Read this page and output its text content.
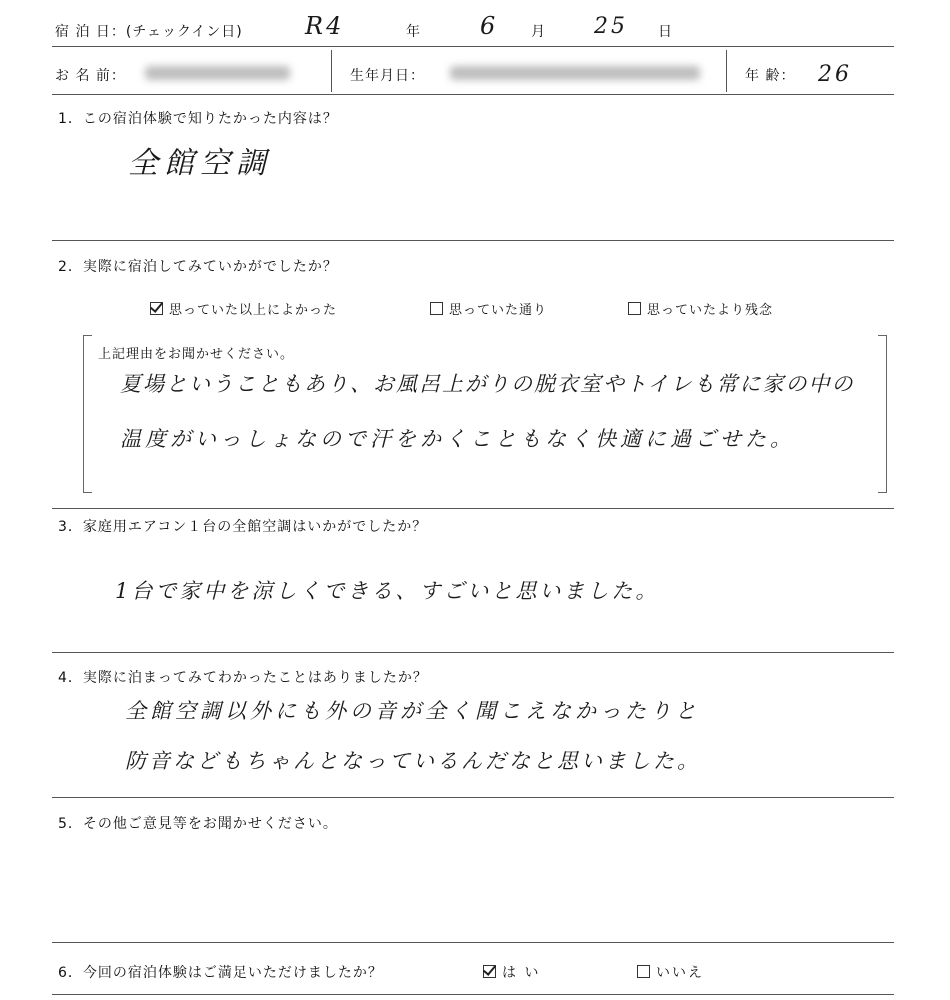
宿 泊 日：(チェックイン日)	R4	年 6 月 25 日
お 名 前：	生年月日：	年 齢： 26
1．この宿泊体験で知りたかった内容は？
全館空調
2．実際に宿泊してみていかがでしたか？
思っていた以上によかった	思っていた通り	思っていたより残念
上記理由をお聞かせください。
夏場ということもあり、お風呂上がりの脱衣室やトイレも常に家の中の
温度がいっしょなので汗をかくこともなく快適に過ごせた。
3．家庭用エアコン１台の全館空調はいかがでしたか？
1台で家中を涼しくできる、すごいと思いました。
4．実際に泊まってみてわかったことはありましたか？
全館空調以外にも外の音が全く聞こえなかったりと
防音などもちゃんとなっているんだなと思いました。
5．その他ご意見等をお聞かせください。
6．今回の宿泊体験はご満足いただけましたか？	は い	いいえ
